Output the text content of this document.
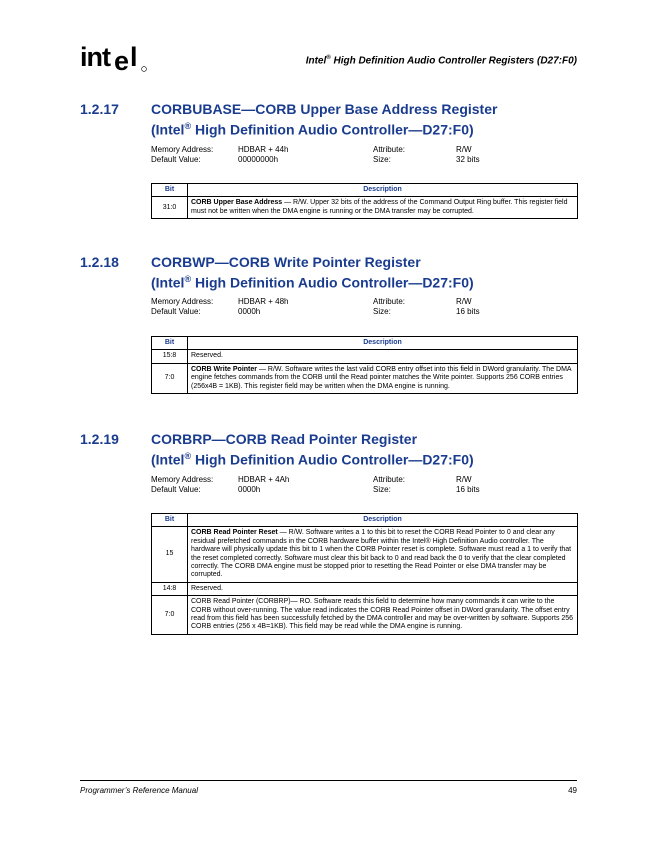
int e l	Intel® High Definition Audio Controller Registers (D27:F0)
1.2.17 CORBUBASE—CORB Upper Base Address Register
(Intel® High Definition Audio Controller—D27:F0)
Memory Address:	HDBAR + 44h	Attribute:	R/W
Default Value:	00000000h	Size:	32 bits
Bit	Description
31:0	CORB Upper Base Address — R/W. Upper 32 bits of the address of the Command Output Ring buffer. This register field must not be written when the DMA engine is running or the DMA transfer may be corrupted.
1.2.18 CORBWP—CORB Write Pointer Register
(Intel® High Definition Audio Controller—D27:F0)
Memory Address:	HDBAR + 48h	Attribute:	R/W
Default Value:	0000h	Size:	16 bits
Bit	Description
15:8	Reserved.
7:0	CORB Write Pointer — R/W. Software writes the last valid CORB entry offset into this field in DWord granularity. The DMA engine fetches commands from the CORB until the Read pointer matches the Write pointer. Supports 256 CORB entries (256x4B = 1KB). This register field may be written when the DMA engine is running.
1.2.19 CORBRP—CORB Read Pointer Register
(Intel® High Definition Audio Controller—D27:F0)
Memory Address:	HDBAR + 4Ah	Attribute:	R/W
Default Value:	0000h	Size:	16 bits
Bit	Description
15	CORB Read Pointer Reset — R/W. Software writes a 1 to this bit to reset the CORB Read Pointer to 0 and clear any residual prefetched commands in the CORB hardware buffer within the Intel® High Definition Audio controller. The hardware will physically update this bit to 1 when the CORB Pointer reset is complete. Software must read a 1 to verify that the reset completed correctly. Software must clear this bit back to 0 and read back the 0 to verify that the clear completed correctly. The CORB DMA engine must be stopped prior to resetting the Read Pointer or else DMA transfer may be corrupted.
14:8	Reserved.
7:0	CORB Read Pointer (CORBRP)— RO. Software reads this field to determine how many commands it can write to the CORB without over-running. The value read indicates the CORB Read Pointer offset in DWord granularity. The offset entry read from this field has been successfully fetched by the DMA controller and may be over-written by software. Supports 256 CORB entries (256 x 4B=1KB). This field may be read while the DMA engine is running.
Programmer’s Reference Manual	49
